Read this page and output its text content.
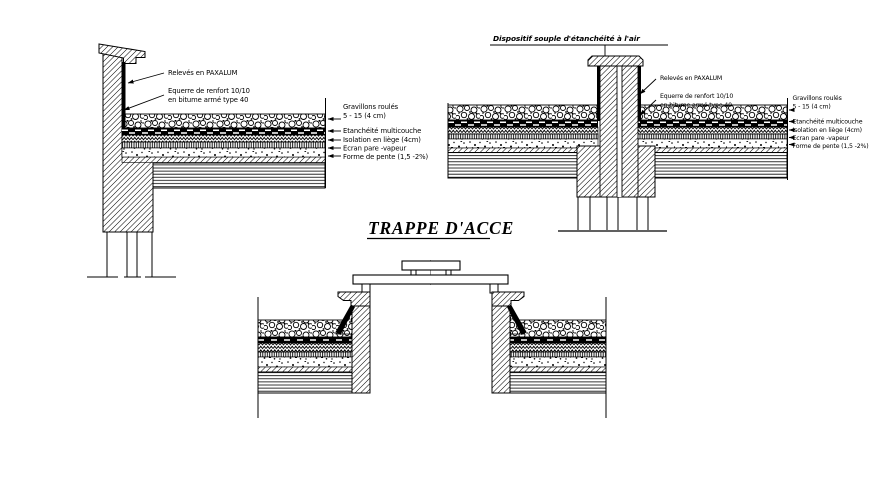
Relevés en PAXALUM
Equerre de renfort 10/10
en bitume armé type 40
Gravillons roulés
5 - 15 (4 cm)
Etanchéité multicouche
Isolation en liège (4cm)
Ecran pare -vapeur
Forme de pente (1,5 -2%)
Dispositif souple d'étanchéité à l'air
Relevés en PAXALUM
Equerre de renfort 10/10
en bitume armé type 40
Gravillons roulés
5 - 15 (4 cm)
Etanchéité multicouche
Isolation en liège (4cm)
Ecran pare -vapeur
Forme de pente (1,5 -2%)
TRAPPE D'ACCE
